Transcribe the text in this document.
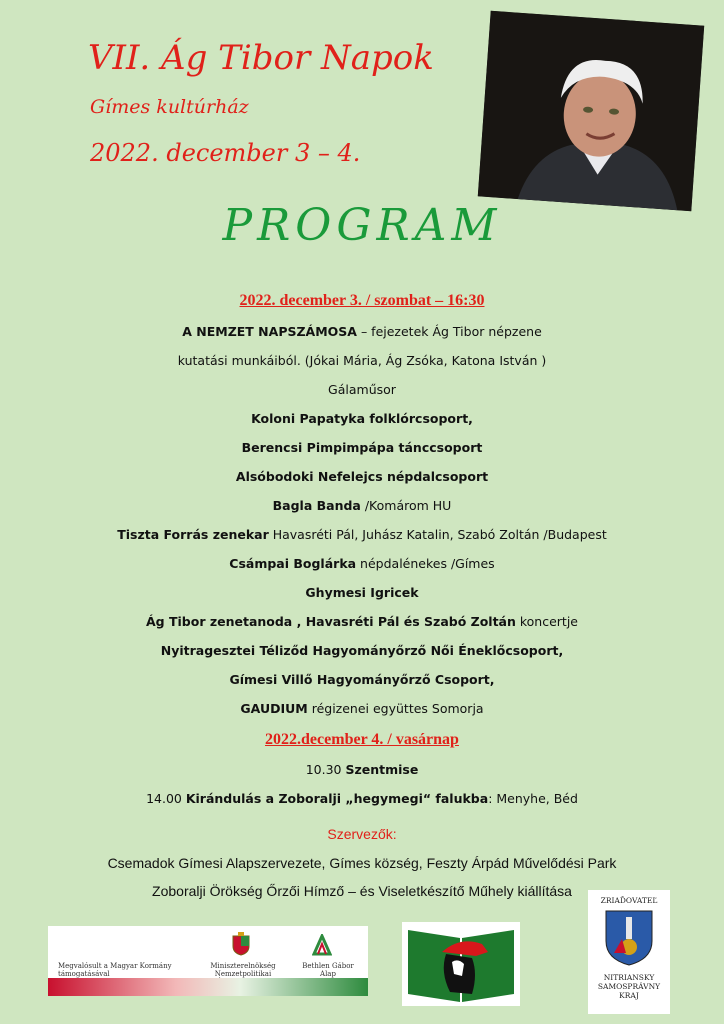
VII. Ág Tibor Napok
Gímes kultúrház
2022. december 3 – 4.
PROGRAM
2022. december 3. / szombat – 16:30
A NEMZET NAPSZÁMOSA – fejezetek Ág Tibor népzene
kutatási munkáiból. (Jókai Mária, Ág Zsóka, Katona István )
Gálaműsor
Koloni Papatyka folklórcsoport,
Berencsi Pimpimpápa tánccsoport
Alsóbodoki Nefelejcs népdalcsoport
Bagla Banda /Komárom HU
Tiszta Forrás zenekar Havasréti Pál, Juhász Katalin, Szabó Zoltán /Budapest
Csámpai Boglárka népdalénekes /Gímes
Ghymesi Igricek
Ág Tibor zenetanoda , Havasréti Pál és Szabó Zoltán koncertje
Nyitragesztei Téliződ Hagyományőrző Női Éneklőcsoport,
Gímesi Villő Hagyományőrző Csoport,
GAUDIUM régizenei együttes Somorja
2022.december 4. / vasárnap
10.30 Szentmise
14.00 Kirándulás a Zoboralji „hegymegi“ falukba: Menyhe, Béd
Szervezők:
Csemadok Gímesi Alapszervezete, Gímes község, Feszty Árpád Művelődési Park
Zoboralji Örökség Őrzői Hímző – és Viseletkészítő Műhely kiállítása
Megvalósult a Magyar Kormány támogatásával
Miniszterelnökség Nemzetpolitikai
Bethlen Gábor Alap
ZRIAĎOVATEĽ
NITRIANSKY SAMOSPRÁVNY KRAJ
